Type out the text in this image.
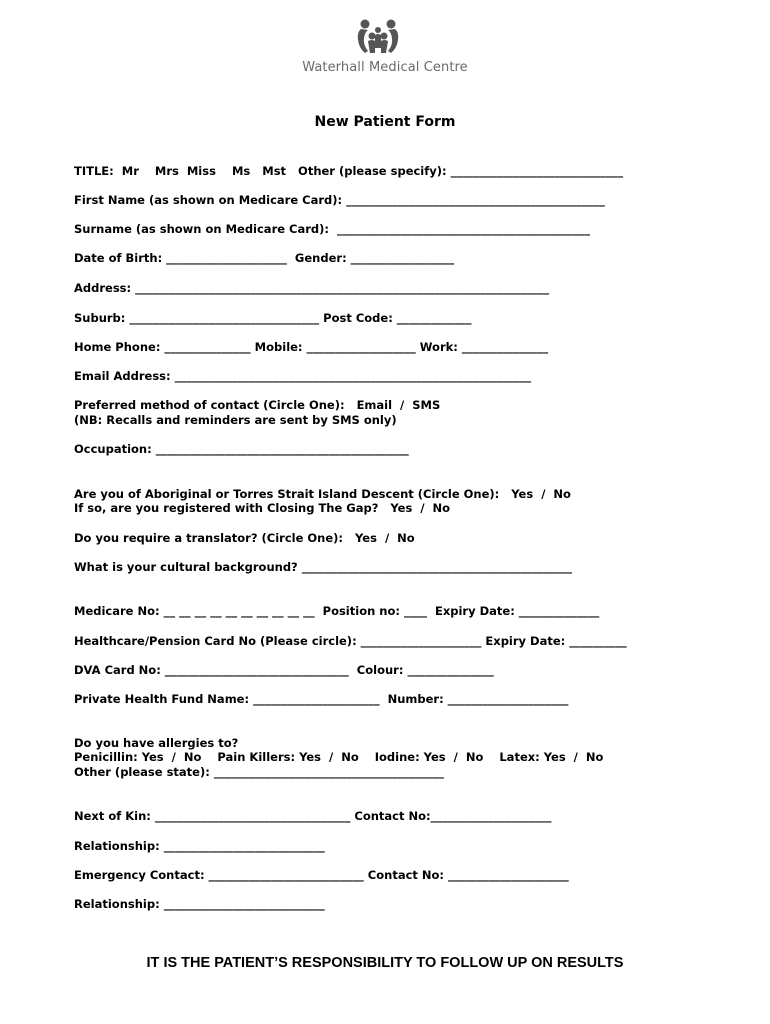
Waterhall Medical Centre
New Patient Form
TITLE:  Mr    Mrs  Miss    Ms   Mst   Other (please specify): ______________________________
First Name (as shown on Medicare Card): _____________________________________________
Surname (as shown on Medicare Card):  ____________________________________________
Date of Birth: _____________________  Gender: __________________
Address: ________________________________________________________________________
Suburb: _________________________________ Post Code: _____________
Home Phone: _______________ Mobile: ___________________ Work: _______________
Email Address: ______________________________________________________________
Preferred method of contact (Circle One):   Email  /  SMS
(NB: Recalls and reminders are sent by SMS only)
Occupation: ____________________________________________
Are you of Aboriginal or Torres Strait Island Descent (Circle One):   Yes  /  No
If so, are you registered with Closing The Gap?   Yes  /  No
Do you require a translator? (Circle One):   Yes  /  No
What is your cultural background? _______________________________________________
Medicare No: __ __ __ __ __ __ __ __ __ __  Position no: ____  Expiry Date: ______________
Healthcare/Pension Card No (Please circle): _____________________ Expiry Date: __________
DVA Card No: ________________________________  Colour: _______________
Private Health Fund Name: ______________________  Number: _____________________
Do you have allergies to?
Penicillin: Yes  /  No    Pain Killers: Yes  /  No    Iodine: Yes  /  No    Latex: Yes  /  No
Other (please state): ________________________________________
Next of Kin: __________________________________ Contact No:_____________________
Relationship: ____________________________
Emergency Contact: ___________________________ Contact No: _____________________
Relationship: ____________________________
IT IS THE PATIENT’S RESPONSIBILITY TO FOLLOW UP ON RESULTS
